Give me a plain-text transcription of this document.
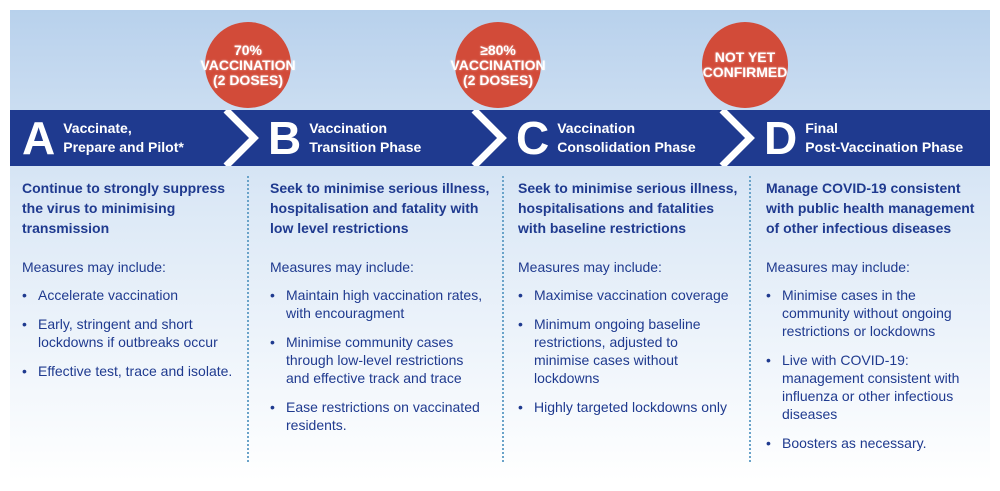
70%
VACCINATION
(2 DOSES)
≥80%
VACCINATION
(2 DOSES)
NOT YET
CONFIRMED
A Vaccinate,
Prepare and Pilot* B Vaccination
Transition Phase C Vaccination
Consolidation Phase D Final
Post-Vaccination Phase
Continue to strongly suppress
the virus to minimising
transmission
Measures may include:
• Accelerate vaccination
• Early, stringent and short
lockdowns if outbreaks occur
• Effective test, trace and isolate.
Seek to minimise serious illness,
hospitalisation and fatality with
low level restrictions
Measures may include:
• Maintain high vaccination rates,
with encouragment
• Minimise community cases
through low-level restrictions
and effective track and trace
• Ease restrictions on vaccinated
residents.
Seek to minimise serious illness,
hospitalisations and fatalities
with baseline restrictions
Measures may include:
• Maximise vaccination coverage
• Minimum ongoing baseline
restrictions, adjusted to
minimise cases without
lockdowns
• Highly targeted lockdowns only
Manage COVID-19 consistent
with public health management
of other infectious diseases
Measures may include:
• Minimise cases in the
community without ongoing
restrictions or lockdowns
• Live with COVID-19:
management consistent with
influenza or other infectious
diseases
• Boosters as necessary.
